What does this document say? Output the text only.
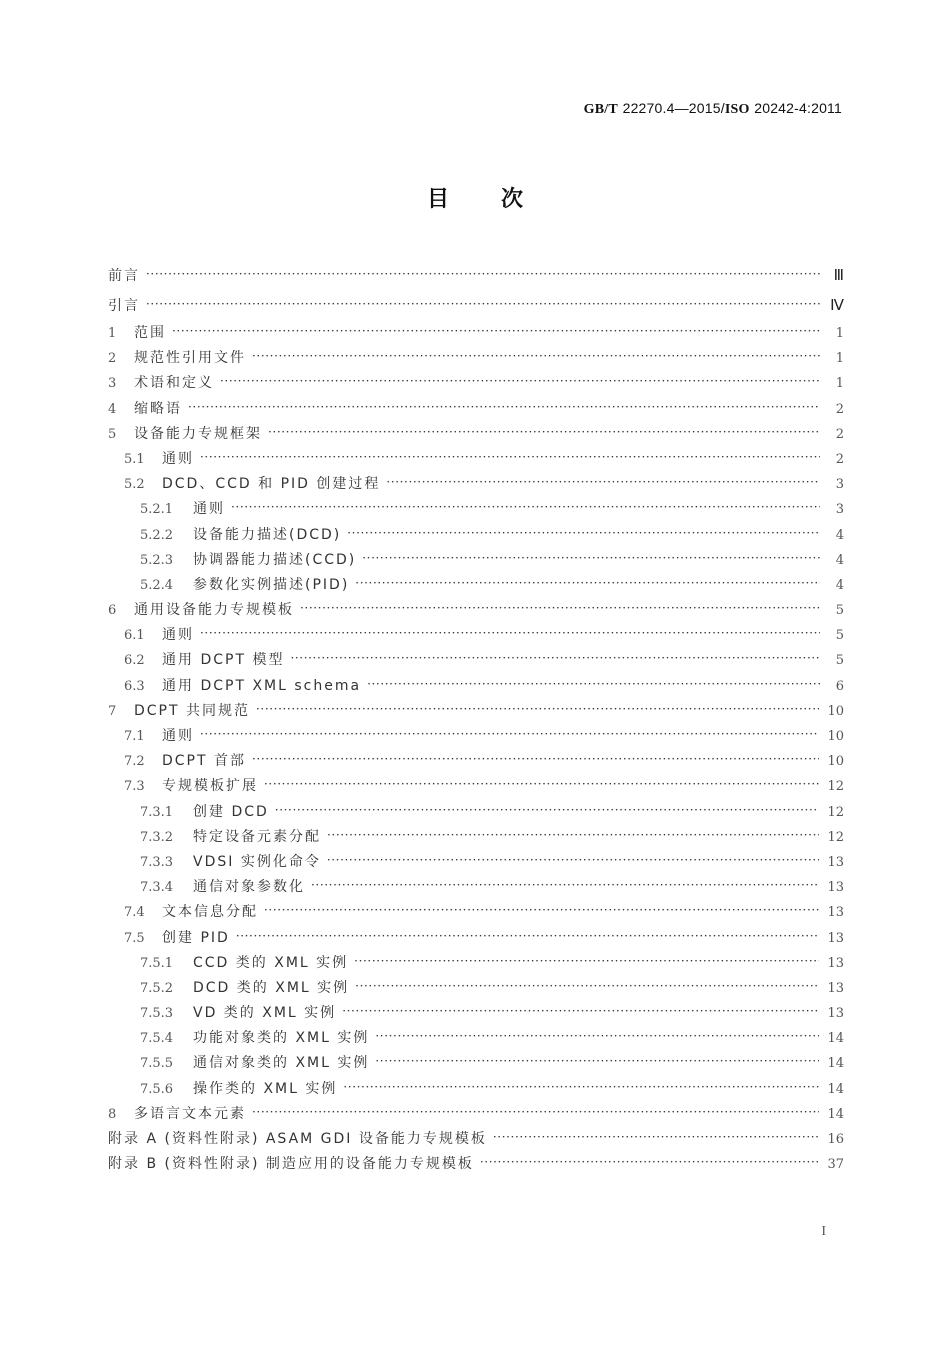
GB/T 22270.4—2015/ISO 20242-4:2011
目 次
前言 ·····	Ⅲ
引言 ·····	Ⅳ
1	范围 ·····	1
2	规范性引用文件 ·····	1
3	术语和定义 ·····	1
4	缩略语 ·····	2
5	设备能力专规框架 ·····	2
5.1	通则 ·····	2
5.2	DCD、CCD 和 PID 创建过程 ·····	3
5.2.1	通则 ·····	3
5.2.2	设备能力描述(DCD) ·····	4
5.2.3	协调器能力描述(CCD) ·····	4
5.2.4	参数化实例描述(PID) ·····	4
6	通用设备能力专规模板 ·····	5
6.1	通则 ·····	5
6.2	通用 DCPT 模型 ·····	5
6.3	通用 DCPT XML schema ·····	6
7	DCPT 共同规范 ·····	10
7.1	通则 ·····	10
7.2	DCPT 首部 ·····	10
7.3	专规模板扩展 ·····	12
7.3.1	创建 DCD ·····	12
7.3.2	特定设备元素分配 ·····	12
7.3.3	VDSI 实例化命令 ·····	13
7.3.4	通信对象参数化 ·····	13
7.4	文本信息分配 ·····	13
7.5	创建 PID ·····	13
7.5.1	CCD 类的 XML 实例 ·····	13
7.5.2	DCD 类的 XML 实例 ·····	13
7.5.3	VD 类的 XML 实例 ·····	13
7.5.4	功能对象类的 XML 实例 ·····	14
7.5.5	通信对象类的 XML 实例 ·····	14
7.5.6	操作类的 XML 实例 ·····	14
8	多语言文本元素 ·····	14
附录 A (资料性附录) ASAM GDI 设备能力专规模板 ·····	16
附录 B (资料性附录) 制造应用的设备能力专规模板 ·····	37
I
